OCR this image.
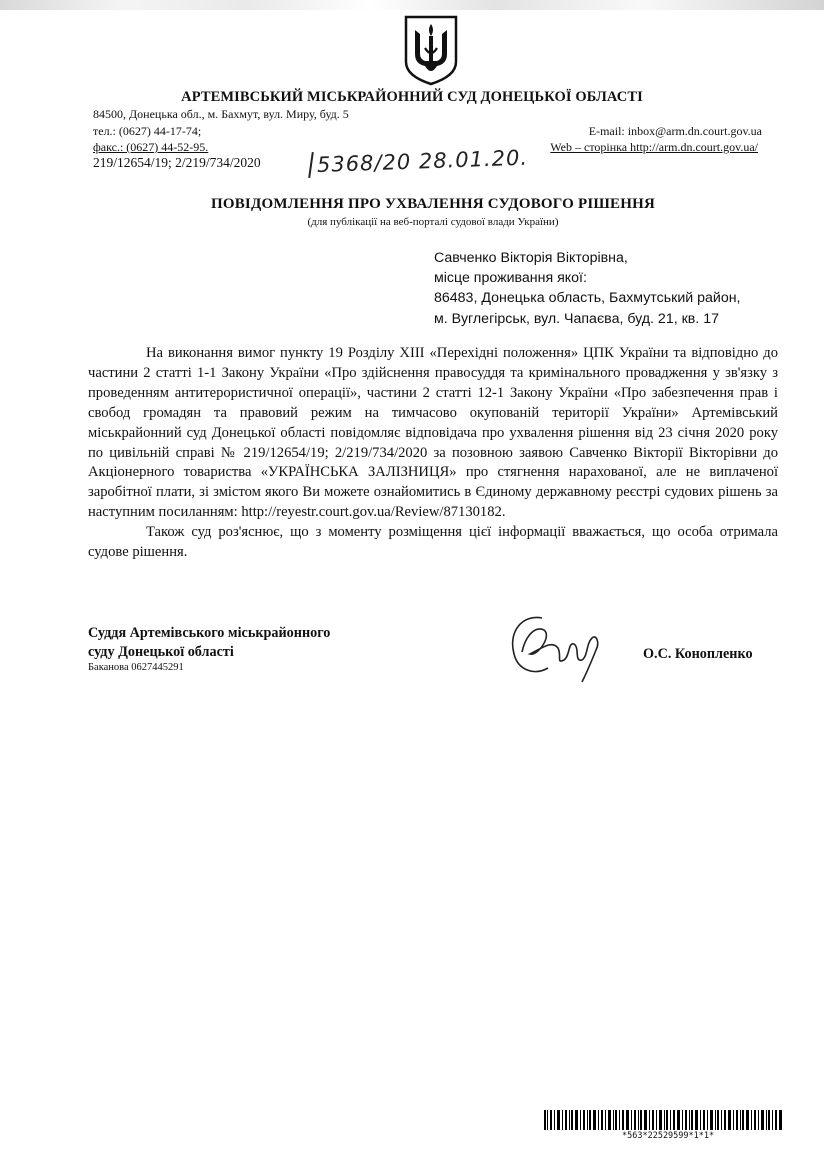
АРТЕМІВСЬКИЙ МІСЬКРАЙОННИЙ СУД ДОНЕЦЬКОЇ ОБЛАСТІ
84500, Донецька обл., м. Бахмут, вул. Миру, буд. 5
тел.: (0627) 44-17-74;
факс.: (0627) 44-52-95.
E-mail: inbox@arm.dn.court.gov.ua
Web – сторінка http://arm.dn.court.gov.ua/
219/12654/19; 2/219/734/2020	5368/20 28.01.20.
ПОВІДОМЛЕННЯ ПРО УХВАЛЕННЯ СУДОВОГО РІШЕННЯ
(для публікації на веб-порталі судової влади України)
Савченко Вікторія Вікторівна,
місце проживання якої:
86483, Донецька область, Бахмутський район,
м. Вуглегірськ, вул. Чапаєва, буд. 21, кв. 17

На виконання вимог пункту 19 Розділу XIII «Перехідні положення» ЦПК України та відповідно до частини 2 статті 1-1 Закону України «Про здійснення правосуддя та кримінального провадження у зв'язку з проведенням антитерористичної операції», частини 2 статті 12-1 Закону України «Про забезпечення прав і свобод громадян та правовий режим на тимчасово окупованій території України» Артемівський міськрайонний суд Донецької області повідомляє відповідача про ухвалення рішення від 23 січня 2020 року по цивільній справі № 219/12654/19; 2/219/734/2020 за позовною заявою Савченко Вікторії Вікторівни до Акціонерного товариства «УКРАЇНСЬКА ЗАЛІЗНИЦЯ» про стягнення нарахованої, але не виплаченої заробітної плати, зі змістом якого Ви можете ознайомитись в Єдиному державному реєстрі судових рішень за наступним посиланням: http://reyestr.court.gov.ua/Review/87130182.

Також суд роз'яснює, що з моменту розміщення цієї інформації вважається, що особа отримала судове рішення.

Суддя Артемівського міськрайонного
суду Донецької області
Баканова 0627445291
О.С. Конопленко
*563*22529599*1*1*
